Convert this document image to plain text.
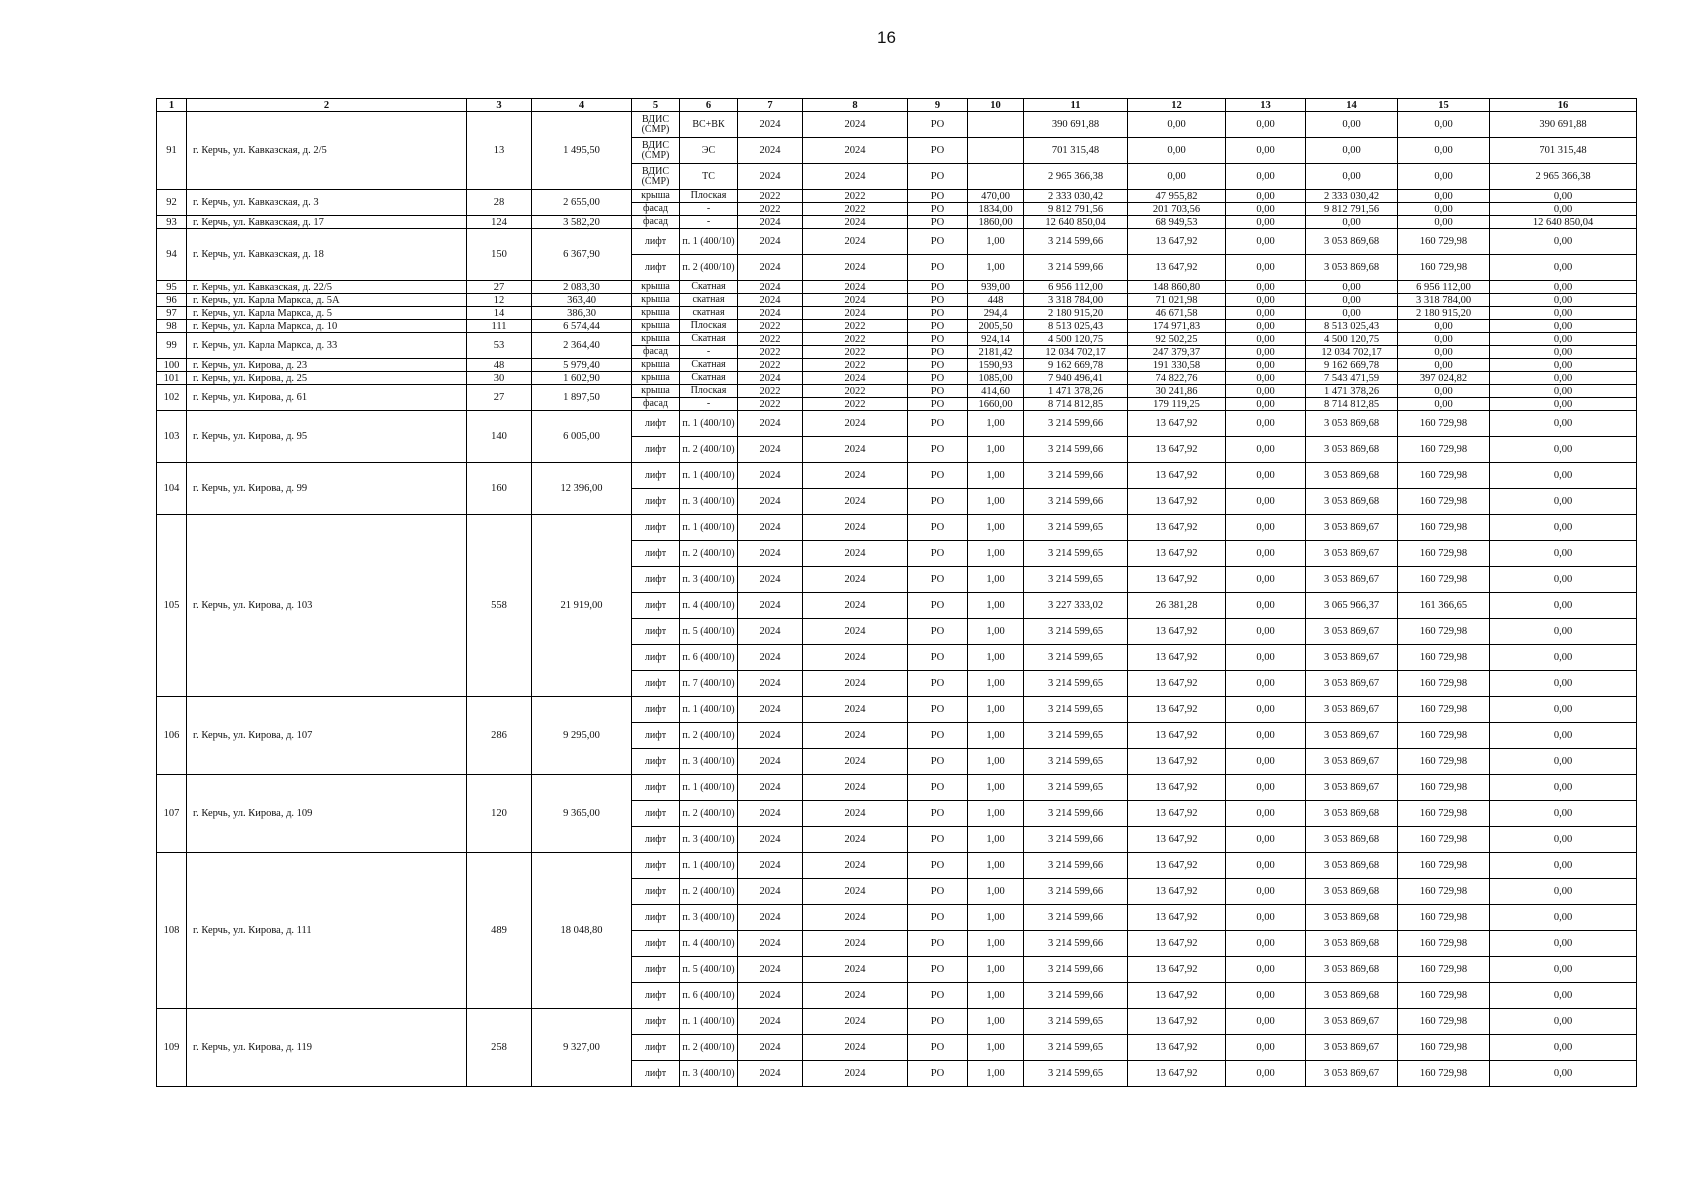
16
1	2	3	4	5	6	7	8	9	10	11	12	13	14	15	16
91	г. Керчь, ул. Кавказская, д. 2/5	13	1 495,50	ВДИС (СМР)	ВС+ВК	2024	2024	РО		390 691,88	0,00	0,00	0,00	0,00	390 691,88
				ВДИС (СМР)	ЭС	2024	2024	РО		701 315,48	0,00	0,00	0,00	0,00	701 315,48
				ВДИС (СМР)	ТС	2024	2024	РО		2 965 366,38	0,00	0,00	0,00	0,00	2 965 366,38
92	г. Керчь, ул. Кавказская, д. 3	28	2 655,00	крыша	Плоская	2022	2022	РО	470,00	2 333 030,42	47 955,82	0,00	2 333 030,42	0,00	0,00
				фасад	-	2022	2022	РО	1834,00	9 812 791,56	201 703,56	0,00	9 812 791,56	0,00	0,00
93	г. Керчь, ул. Кавказская, д. 17	124	3 582,20	фасад	-	2024	2024	РО	1860,00	12 640 850,04	68 949,53	0,00	0,00	0,00	12 640 850,04
94	г. Керчь, ул. Кавказская, д. 18	150	6 367,90	лифт	п. 1 (400/10)	2024	2024	РО	1,00	3 214 599,66	13 647,92	0,00	3 053 869,68	160 729,98	0,00
				лифт	п. 2 (400/10)	2024	2024	РО	1,00	3 214 599,66	13 647,92	0,00	3 053 869,68	160 729,98	0,00
95	г. Керчь, ул. Кавказская, д. 22/5	27	2 083,30	крыша	Скатная	2024	2024	РО	939,00	6 956 112,00	148 860,80	0,00	0,00	6 956 112,00	0,00
96	г. Керчь, ул. Карла Маркса, д. 5А	12	363,40	крыша	скатная	2024	2024	РО	448	3 318 784,00	71 021,98	0,00	0,00	3 318 784,00	0,00
97	г. Керчь, ул. Карла Маркса, д. 5	14	386,30	крыша	скатная	2024	2024	РО	294,4	2 180 915,20	46 671,58	0,00	0,00	2 180 915,20	0,00
98	г. Керчь, ул. Карла Маркса, д. 10	111	6 574,44	крыша	Плоская	2022	2022	РО	2005,50	8 513 025,43	174 971,83	0,00	8 513 025,43	0,00	0,00
99	г. Керчь, ул. Карла Маркса, д. 33	53	2 364,40	крыша	Скатная	2022	2022	РО	924,14	4 500 120,75	92 502,25	0,00	4 500 120,75	0,00	0,00
				фасад	-	2022	2022	РО	2181,42	12 034 702,17	247 379,37	0,00	12 034 702,17	0,00	0,00
100	г. Керчь, ул. Кирова, д. 23	48	5 979,40	крыша	Скатная	2022	2022	РО	1590,93	9 162 669,78	191 330,58	0,00	9 162 669,78	0,00	0,00
101	г. Керчь, ул. Кирова, д. 25	30	1 602,90	крыша	Скатная	2024	2024	РО	1085,00	7 940 496,41	74 822,76	0,00	7 543 471,59	397 024,82	0,00
102	г. Керчь, ул. Кирова, д. 61	27	1 897,50	крыша	Плоская	2022	2022	РО	414,60	1 471 378,26	30 241,86	0,00	1 471 378,26	0,00	0,00
				фасад	-	2022	2022	РО	1660,00	8 714 812,85	179 119,25	0,00	8 714 812,85	0,00	0,00
103	г. Керчь, ул. Кирова, д. 95	140	6 005,00	лифт	п. 1 (400/10)	2024	2024	РО	1,00	3 214 599,66	13 647,92	0,00	3 053 869,68	160 729,98	0,00
				лифт	п. 2 (400/10)	2024	2024	РО	1,00	3 214 599,66	13 647,92	0,00	3 053 869,68	160 729,98	0,00
104	г. Керчь, ул. Кирова, д. 99	160	12 396,00	лифт	п. 1 (400/10)	2024	2024	РО	1,00	3 214 599,66	13 647,92	0,00	3 053 869,68	160 729,98	0,00
				лифт	п. 3 (400/10)	2024	2024	РО	1,00	3 214 599,66	13 647,92	0,00	3 053 869,68	160 729,98	0,00
105	г. Керчь, ул. Кирова, д. 103	558	21 919,00	лифт	п. 1 (400/10)	2024	2024	РО	1,00	3 214 599,65	13 647,92	0,00	3 053 869,67	160 729,98	0,00
				лифт	п. 2 (400/10)	2024	2024	РО	1,00	3 214 599,65	13 647,92	0,00	3 053 869,67	160 729,98	0,00
				лифт	п. 3 (400/10)	2024	2024	РО	1,00	3 214 599,65	13 647,92	0,00	3 053 869,67	160 729,98	0,00
				лифт	п. 4 (400/10)	2024	2024	РО	1,00	3 227 333,02	26 381,28	0,00	3 065 966,37	161 366,65	0,00
				лифт	п. 5 (400/10)	2024	2024	РО	1,00	3 214 599,65	13 647,92	0,00	3 053 869,67	160 729,98	0,00
				лифт	п. 6 (400/10)	2024	2024	РО	1,00	3 214 599,65	13 647,92	0,00	3 053 869,67	160 729,98	0,00
				лифт	п. 7 (400/10)	2024	2024	РО	1,00	3 214 599,65	13 647,92	0,00	3 053 869,67	160 729,98	0,00
106	г. Керчь, ул. Кирова, д. 107	286	9 295,00	лифт	п. 1 (400/10)	2024	2024	РО	1,00	3 214 599,65	13 647,92	0,00	3 053 869,67	160 729,98	0,00
				лифт	п. 2 (400/10)	2024	2024	РО	1,00	3 214 599,65	13 647,92	0,00	3 053 869,67	160 729,98	0,00
				лифт	п. 3 (400/10)	2024	2024	РО	1,00	3 214 599,65	13 647,92	0,00	3 053 869,67	160 729,98	0,00
107	г. Керчь, ул. Кирова, д. 109	120	9 365,00	лифт	п. 1 (400/10)	2024	2024	РО	1,00	3 214 599,65	13 647,92	0,00	3 053 869,67	160 729,98	0,00
				лифт	п. 2 (400/10)	2024	2024	РО	1,00	3 214 599,66	13 647,92	0,00	3 053 869,68	160 729,98	0,00
				лифт	п. 3 (400/10)	2024	2024	РО	1,00	3 214 599,66	13 647,92	0,00	3 053 869,68	160 729,98	0,00
108	г. Керчь, ул. Кирова, д. 111	489	18 048,80	лифт	п. 1 (400/10)	2024	2024	РО	1,00	3 214 599,66	13 647,92	0,00	3 053 869,68	160 729,98	0,00
				лифт	п. 2 (400/10)	2024	2024	РО	1,00	3 214 599,66	13 647,92	0,00	3 053 869,68	160 729,98	0,00
				лифт	п. 3 (400/10)	2024	2024	РО	1,00	3 214 599,66	13 647,92	0,00	3 053 869,68	160 729,98	0,00
				лифт	п. 4 (400/10)	2024	2024	РО	1,00	3 214 599,66	13 647,92	0,00	3 053 869,68	160 729,98	0,00
				лифт	п. 5 (400/10)	2024	2024	РО	1,00	3 214 599,66	13 647,92	0,00	3 053 869,68	160 729,98	0,00
				лифт	п. 6 (400/10)	2024	2024	РО	1,00	3 214 599,66	13 647,92	0,00	3 053 869,68	160 729,98	0,00
109	г. Керчь, ул. Кирова, д. 119	258	9 327,00	лифт	п. 1 (400/10)	2024	2024	РО	1,00	3 214 599,65	13 647,92	0,00	3 053 869,67	160 729,98	0,00
				лифт	п. 2 (400/10)	2024	2024	РО	1,00	3 214 599,65	13 647,92	0,00	3 053 869,67	160 729,98	0,00
				лифт	п. 3 (400/10)	2024	2024	РО	1,00	3 214 599,65	13 647,92	0,00	3 053 869,67	160 729,98	0,00
